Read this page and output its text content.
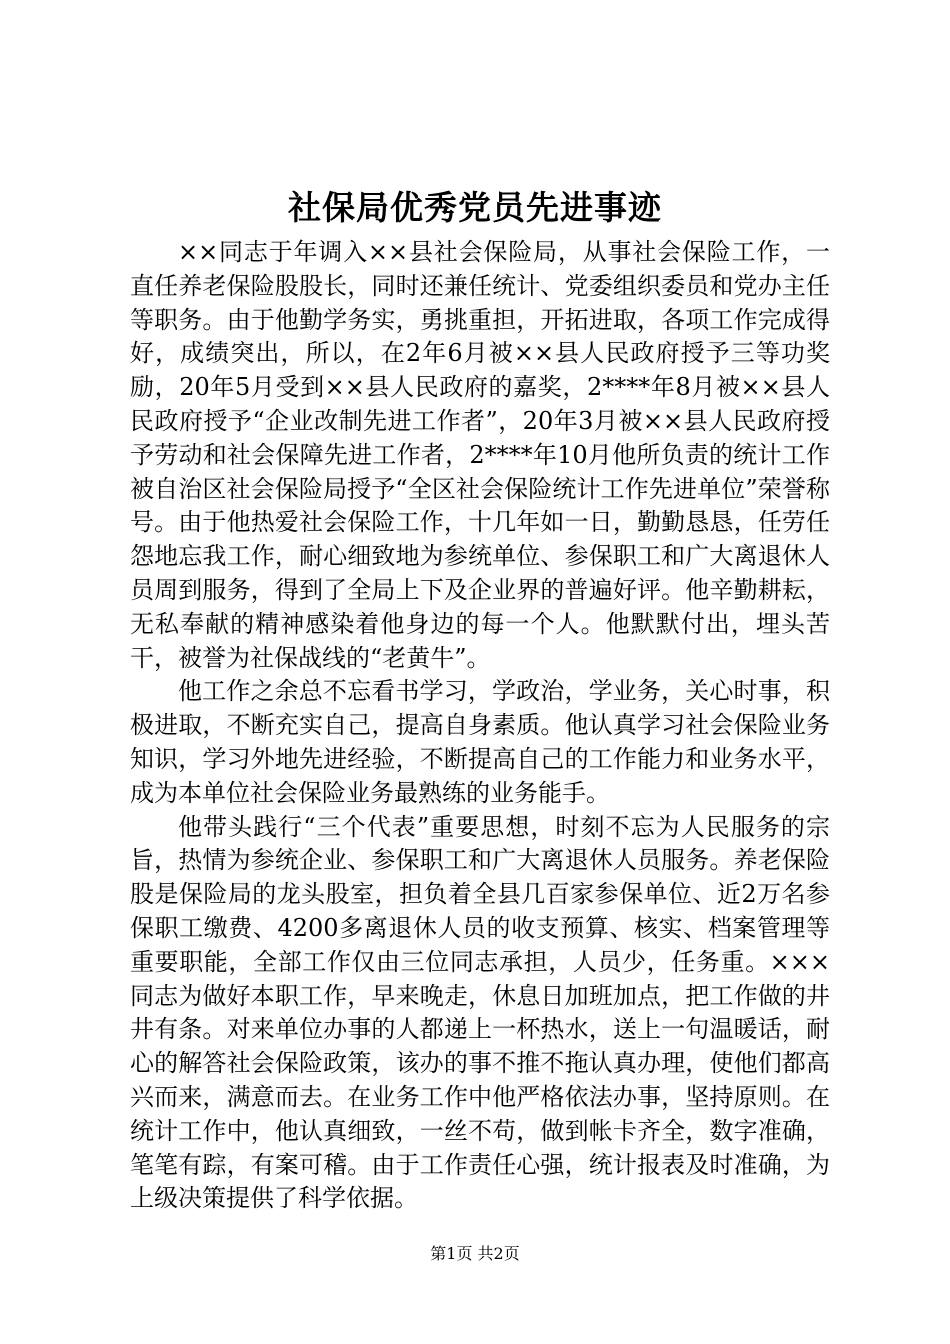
社保局优秀党员先进事迹

××同志于年调入××县社会保险局，从事社会保险工作，一直任养老保险股股长，同时还兼任统计、党委组织委员和党办主任等职务。由于他勤学务实，勇挑重担，开拓进取，各项工作完成得好，成绩突出，所以，在2年6月被××县人民政府授予三等功奖励，20年5月受到××县人民政府的嘉奖，2****年8月被××县人民政府授予“企业改制先进工作者”，20年3月被××县人民政府授予劳动和社会保障先进工作者，2****年10月他所负责的统计工作被自治区社会保险局授予“全区社会保险统计工作先进单位”荣誉称号。由于他热爱社会保险工作，十几年如一日，勤勤恳恳，任劳任怨地忘我工作，耐心细致地为参统单位、参保职工和广大离退休人员周到服务，得到了全局上下及企业界的普遍好评。他辛勤耕耘，无私奉献的精神感染着他身边的每一个人。他默默付出，埋头苦干，被誉为社保战线的“老黄牛”。

他工作之余总不忘看书学习，学政治，学业务，关心时事，积极进取，不断充实自己，提高自身素质。他认真学习社会保险业务知识，学习外地先进经验，不断提高自己的工作能力和业务水平，成为本单位社会保险业务最熟练的业务能手。

他带头践行“三个代表”重要思想，时刻不忘为人民服务的宗旨，热情为参统企业、参保职工和广大离退休人员服务。养老保险股是保险局的龙头股室，担负着全县几百家参保单位、近2万名参保职工缴费、4200多离退休人员的收支预算、核实、档案管理等重要职能，全部工作仅由三位同志承担，人员少，任务重。×××同志为做好本职工作，早来晚走，休息日加班加点，把工作做的井井有条。对来单位办事的人都递上一杯热水，送上一句温暖话，耐心的解答社会保险政策，该办的事不推不拖认真办理，使他们都高兴而来，满意而去。在业务工作中他严格依法办事，坚持原则。在统计工作中，他认真细致，一丝不苟，做到帐卡齐全，数字准确，笔笔有踪，有案可稽。由于工作责任心强，统计报表及时准确，为上级决策提供了科学依据。

第1页 共2页
